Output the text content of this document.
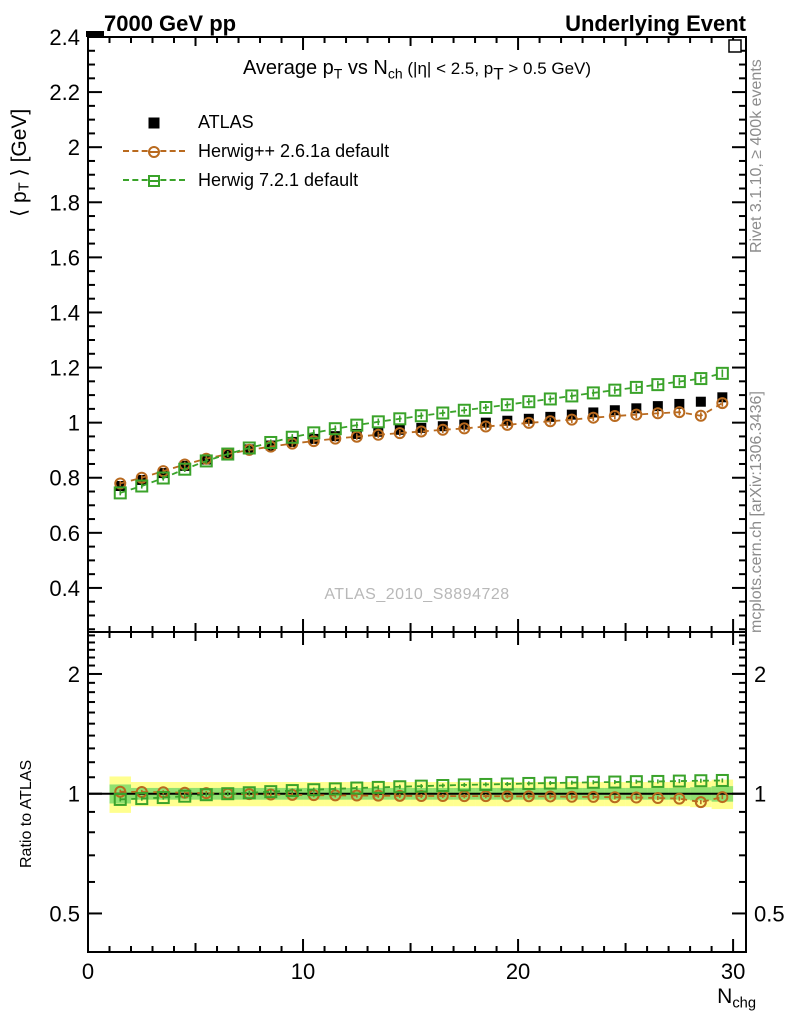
0	10	20	30
0.4
0.6
0.8
1
1.2
1.4
1.6
1.8
2
2.2
2.4
0.5	0.5
1	1
2	2
7000 GeV pp	Underlying Event
Average $p_T$ vs $N_{ch}$ (|η| < 2.5, $p_T > 0.5$ GeV)
ATLAS
Herwig++ 2.6.1a default
Herwig 7.2.1 default
ATLAS_2010_S8894728
⟨ $p_T$ ⟩ [GeV]
Ratio to ATLAS
Rivet 3.1.10, ≥ 400k events
mcplots.cern.ch [arXiv:1306.3436]
$N_{chg}$
